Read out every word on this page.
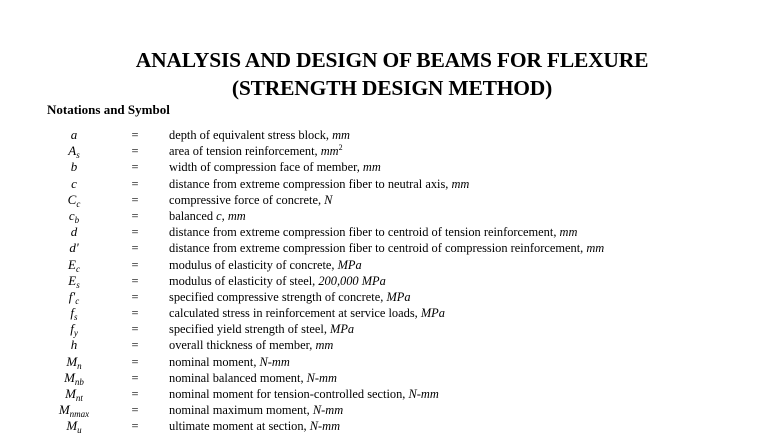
ANALYSIS AND DESIGN OF BEAMS FOR FLEXURE
(STRENGTH DESIGN METHOD)
Notations and Symbol
a	=	depth of equivalent stress block, mm
$A_s$	=	area of tension reinforcement, $mm^2$
b	=	width of compression face of member, mm
c	=	distance from extreme compression fiber to neutral axis, mm
$C_c$	=	compressive force of concrete, N
$c_b$	=	balanced c, mm
d	=	distance from extreme compression fiber to centroid of tension reinforcement, mm
d'	=	distance from extreme compression fiber to centroid of compression reinforcement, mm
$E_c$	=	modulus of elasticity of concrete, MPa
$E_s$	=	modulus of elasticity of steel, 200,000 MPa
$f'_c$	=	specified compressive strength of concrete, MPa
$f_s$	=	calculated stress in reinforcement at service loads, MPa
$f_y$	=	specified yield strength of steel, MPa
h	=	overall thickness of member, mm
$M_n$	=	nominal moment, N-mm
$M_{nb}$	=	nominal balanced moment, N-mm
$M_{nt}$	=	nominal moment for tension-controlled section, N-mm
$M_{nmax}$	=	nominal maximum moment, N-mm
$M_u$	=	ultimate moment at section, N-mm
